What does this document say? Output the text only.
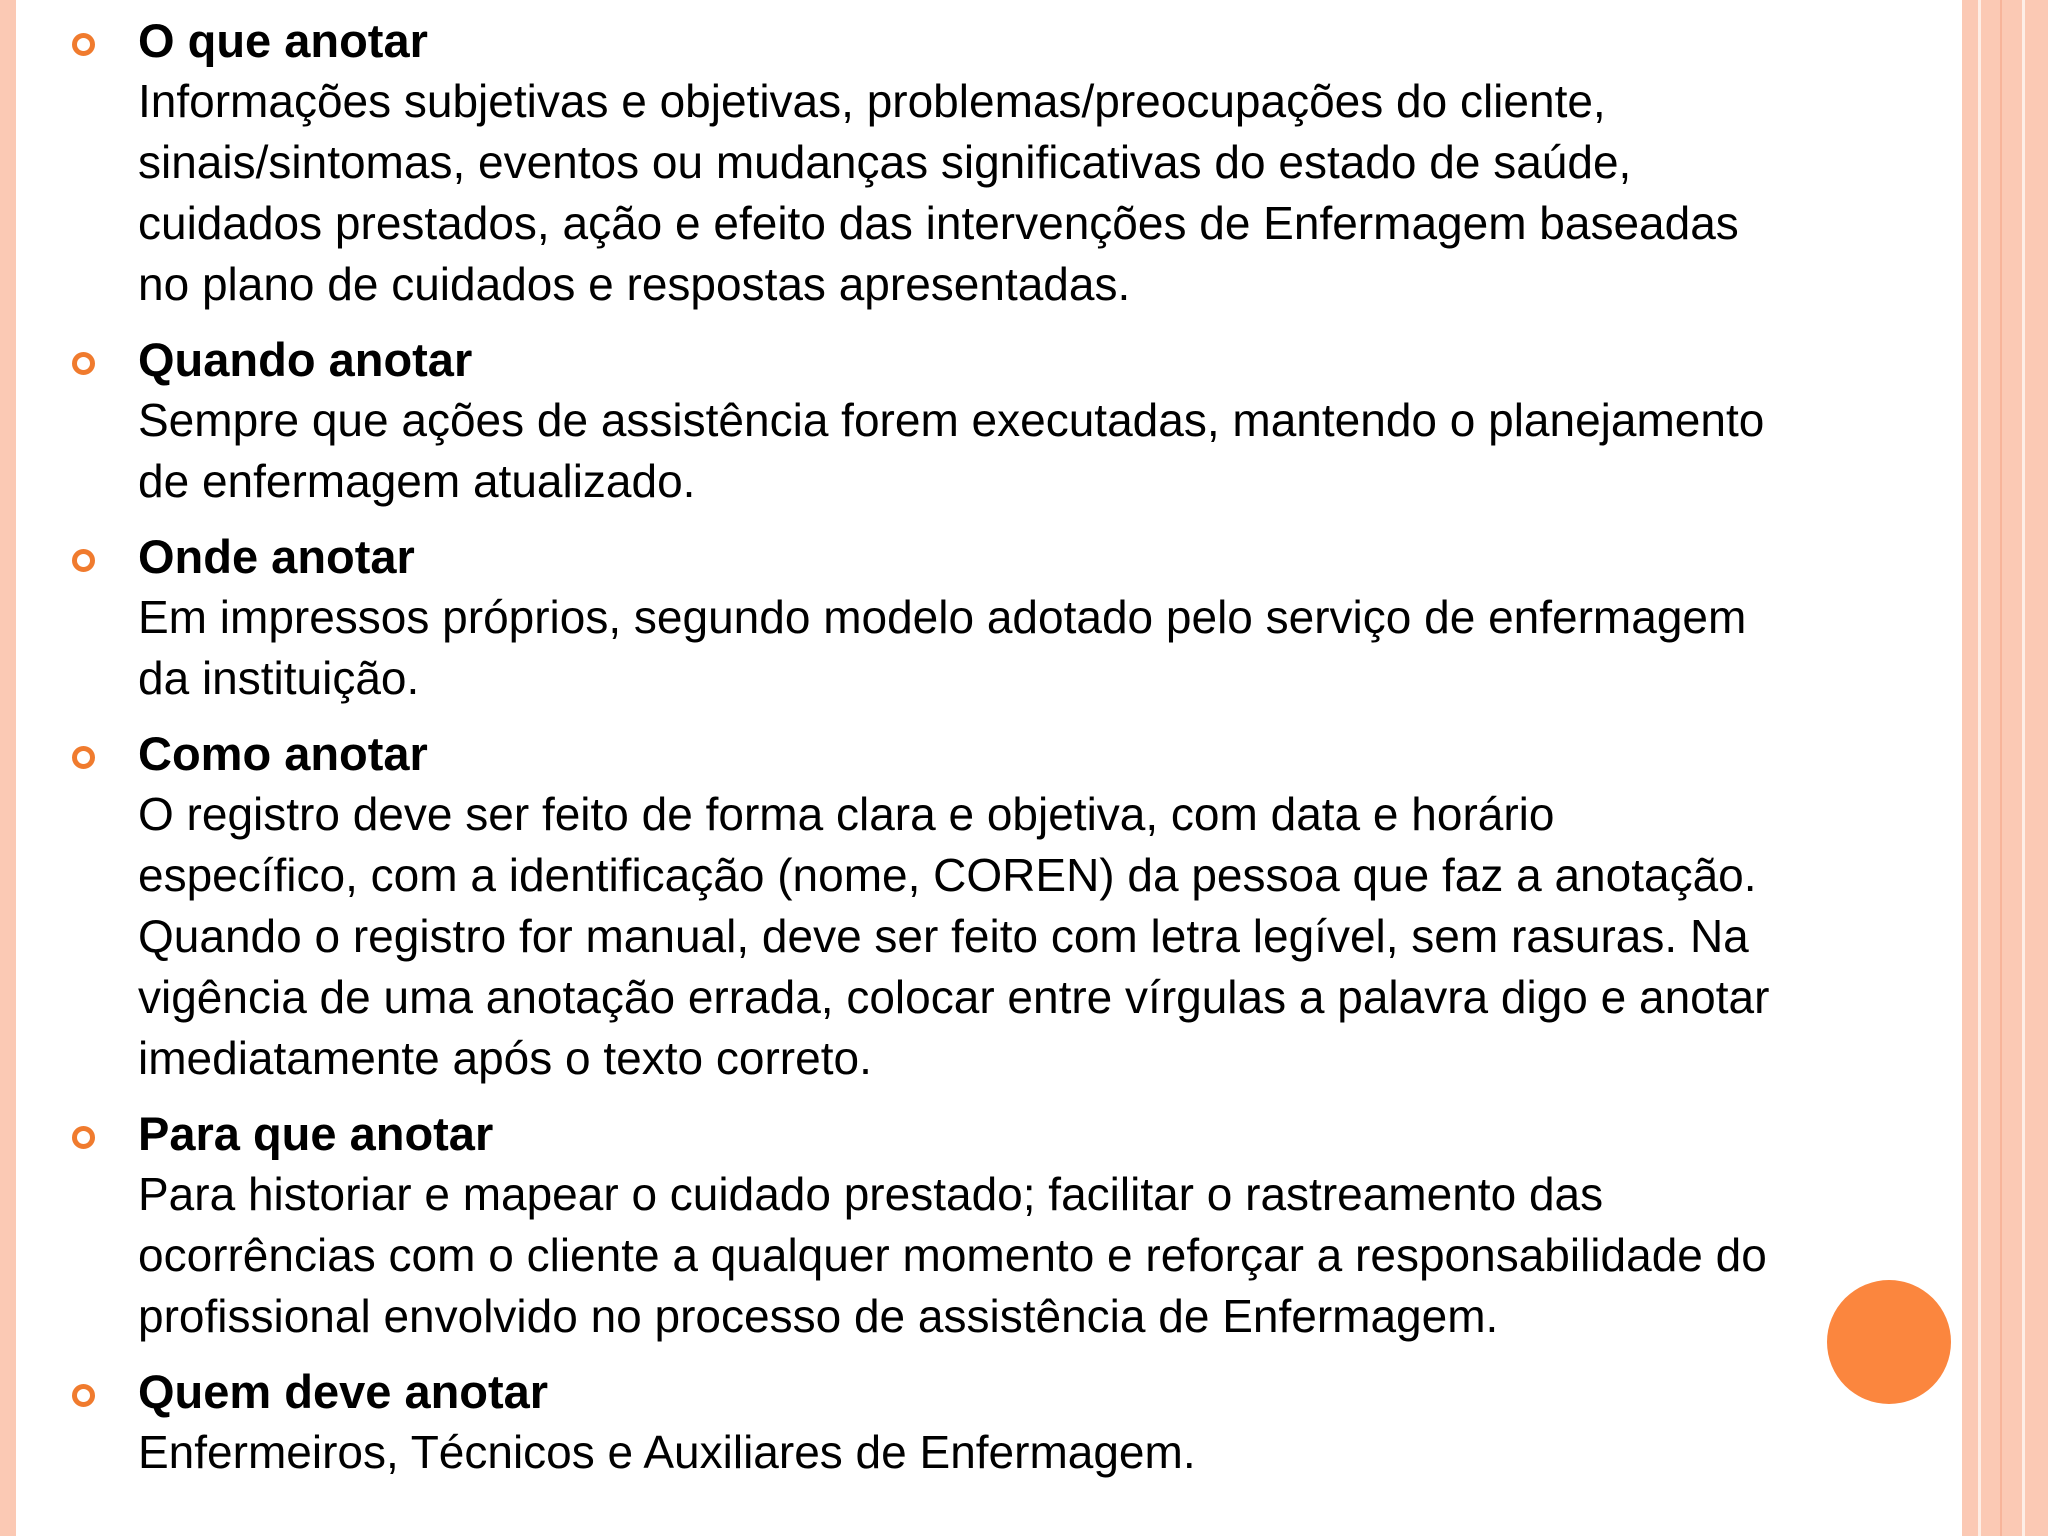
O que anotar
Informações subjetivas e objetivas, problemas/preocupações do cliente,
sinais/sintomas, eventos ou mudanças significativas do estado de saúde,
cuidados prestados, ação e efeito das intervenções de Enfermagem baseadas
no plano de cuidados e respostas apresentadas.
Quando anotar
Sempre que ações de assistência forem executadas, mantendo o planejamento
de enfermagem atualizado.
Onde anotar
Em impressos próprios, segundo modelo adotado pelo serviço de enfermagem
da instituição.
Como anotar
O registro deve ser feito de forma clara e objetiva, com data e horário
específico, com a identificação (nome, COREN) da pessoa que faz a anotação.
Quando o registro for manual, deve ser feito com letra legível, sem rasuras. Na
vigência de uma anotação errada, colocar entre vírgulas a palavra digo e anotar
imediatamente após o texto correto.
Para que anotar
Para historiar e mapear o cuidado prestado; facilitar o rastreamento das
ocorrências com o cliente a qualquer momento e reforçar a responsabilidade do
profissional envolvido no processo de assistência de Enfermagem.
Quem deve anotar
Enfermeiros, Técnicos e Auxiliares de Enfermagem.
